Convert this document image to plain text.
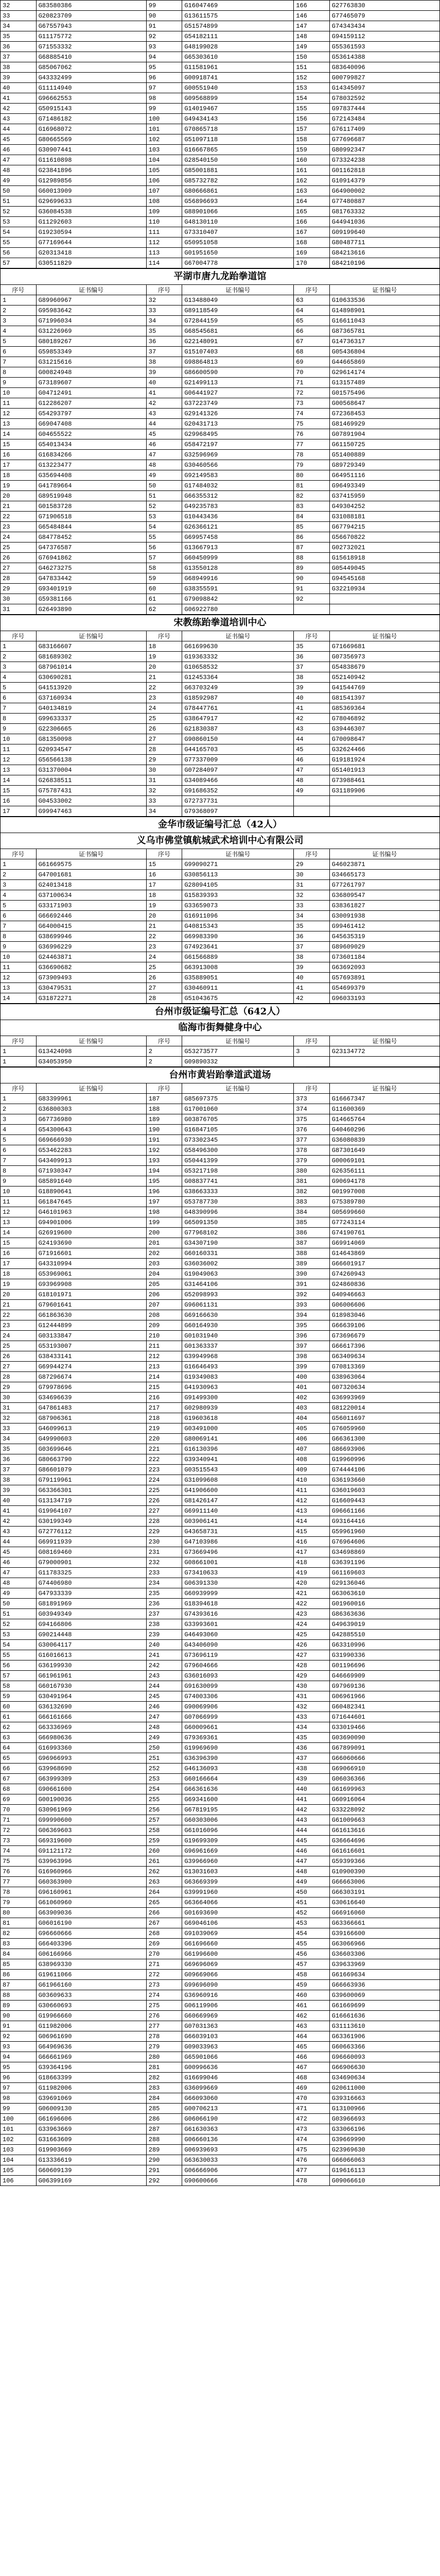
32	G83580386	99	G16047469	166	G27763830
33	G20823709	90	G13611575	146	G77465079
34	G67557943	91	G51574899	147	G74343434
35	G11175772	92	G54182111	148	G94159112
36	G71553332	93	G48199028	149	G55361593
37	G68885410	94	G65303610	150	G53614388
38	G85067062	95	G11581961	151	G83640096
39	G43332499	96	G00918741	152	G00799827
40	G11114940	97	G00551940	153	G14345097
41	G96662553	98	G09568899	154	G78032592
42	G50915143	99	G14019467	155	G97837444
43	G71486182	100	G49434143	156	G72143484
44	G16968072	101	G70865718	157	G76117409
45	G80665569	102	G51097118	158	G77696687
46	G30907441	103	G16667865	159	G80992347
47	G11610898	104	G28540150	160	G73324238
48	G23841896	105	G85001881	161	G01162818
49	G12989856	106	G85732782	162	G10914379
50	G60013909	107	G80666861	163	G64900002
51	G29699633	108	G56896693	164	G77480887
52	G36084538	109	G88901066	165	G81763332
53	G11292603	110	G48130110	166	G44941036
54	G19230594	111	G73310407	167	G09199640
55	G77169644	112	G50951058	168	G80487711
56	G20313418	113	G01951650	169	G84213616
57	G30511829	114	G67004778	170	G84210196
平湖市唐九龙跆拳道馆
序号	证书编号	序号	证书编号	序号	证书编号
1	G89960967	32	G13488049	63	G10633536
2	G95983642	33	G89118549	64	G14898901
3	G71996034	34	G72844159	65	G16611043
4	G31226969	35	G68545681	66	G87365781
5	G80189267	36	G22148091	67	G14736317
6	G59853349	37	G15107403	68	G05436804
7	G31215616	38	G98864813	69	G44665869
8	G00824948	39	G86600590	70	G29614174
9	G73189607	40	G21499113	71	G13157489
10	G04712491	41	G06441927	72	G01575496
11	G12286207	42	G37223749	73	G00568647
12	G54293797	43	G29141326	74	G72368453
13	G69047408	44	G20431713	75	G81469929
14	G04655522	45	G29968495	76	G07891904
15	G54013434	46	G58472197	77	G61150725
16	G16834266	47	G32596969	78	G51400889
17	G13223477	48	G30460566	79	G89729349
18	G35694408	49	G92149583	80	G64951116
19	G41789664	50	G17484032	81	G96493349
20	G89519948	51	G66355312	82	G37415959
21	G01583728	52	G49235783	83	G49304252
22	G71906518	53	G10443436	84	G31088181
23	G65484844	54	G26366121	85	G67794215
24	G84778452	55	G69957458	86	G56670822
25	G47376587	56	G13667913	87	G02732021
26	G76941862	57	G60450999	88	G15618918
27	G46273275	58	G13550128	89	G05449045
28	G47833442	59	G68949916	90	G94545168
29	G93401919	60	G38355591	91	G32210934
30	G59381166	61	G79098842	92	
31	G26493890	62	G06922780		
宋教练跆拳道培训中心
序号	证书编号	序号	证书编号	序号	证书编号
1	G83166607	18	G61699630	35	G71669681
2	G81689302	19	G19363332	36	G07356973
3	G87961014	20	G10658532	37	G54838679
4	G30690281	21	G12453364	38	G52140942
5	G41513920	22	G63703249	39	G41544769
6	G37160934	23	G18592987	40	G81541397
7	G40134819	24	G78447761	41	G85369364
8	G99633337	25	G38647917	42	G78046892
9	G22306665	26	G21830387	43	G39446307
10	G81350098	27	G90860150	44	G70098647
11	G20934547	28	G44165703	45	G32624466
12	G56566138	29	G77337009	46	G19181924
13	G31370004	30	G07284097	47	G51401913
14	G26838511	31	G34089466	48	G73988461
15	G75787431	32	G91686352	49	G31189906
16	G04533002	33	G72737731		
17	G99947463	34	G79368097		
金华市级证编号汇总（42人）
义乌市佛堂镇航城武术培训中心有限公司
序号	证书编号	序号	证书编号	序号	证书编号
1	G61669575	15	G99090271	29	G46023871
2	G47001681	16	G30856113	30	G34665173
3	G24013418	17	G28094105	31	G77261797
4	G37100634	18	G15839393	32	G36809547
5	G33171903	19	G33659073	33	G38361827
6	G66692446	20	G16911096	34	G30091938
7	G64000415	21	G40815343	35	G99461412
8	G38699946	22	G69983390	36	G45635319
9	G36996229	23	G74923641	37	G89609029
10	G24463871	24	G61566889	38	G73601184
11	G36690682	25	G63913008	39	G63692093
12	G73909493	26	G35889051	40	G57693891
13	G30479531	27	G30460911	41	G54699379
14	G31872271	28	G51043675	42	G96033193
台州市级证编号汇总（642人）
临海市街舞健身中心
序号	证书编号	序号	证书编号	序号	证书编号
1	G13424098	2	G53273577	3	G23134772
1	G34053950	2	G09890332		
台州市黄岩跆拳道武道场
序号	证书编号	序号	证书编号	序号	证书编号
1	G83399961	187	G85697375	373	G16667347
2	G36800303	188	G17001060	374	G11600369
3	G67736980	189	G03876705	375	G14665764
4	G54300643	190	G16847105	376	G40460296
5	G69666930	191	G73302345	377	G36080839
6	G53462283	192	G58496300	378	G87301649
7	G43409913	193	G50441399	379	G00069101
8	G71930347	194	G53217198	380	G26356111
9	G85891640	195	G08837741	381	G90694178
10	G18890641	196	G38663333	382	G01997008
11	G61847645	197	G53787730	383	G75389780
12	G46101963	198	G48390996	384	G05699660
13	G94901006	199	G65091350	385	G77243114
14	G26919600	200	G77968102	386	G74190761
15	G24193690	201	G34307190	387	G69914069
16	G71916601	202	G60160331	388	G14643869
17	G43310994	203	G36036002	389	G66601917
18	G53969061	204	G19049063	390	G74260943
19	G93969908	205	G31464106	391	G24860836
20	G18101971	206	G52098993	392	G40946663
21	G79601641	207	G96061131	393	G06006606
22	G61863630	208	G69166630	394	G18983046
23	G12444899	209	G60164930	395	G66639106
24	G03133847	210	G01031940	396	G73696679
25	G53193007	211	G01363337	397	G66617396
26	G38433141	212	G39949968	398	G63409634
27	G69944274	213	G16646493	399	G70813369
28	G87296674	214	G19349083	400	G38963064
29	G79978696	215	G41930963	401	G07320634
30	G34696639	216	G91499300	402	G36993969
31	G47861483	217	G02980939	403	G81220014
32	G87906361	218	G19603618	404	G56011697
33	G46099613	219	G03491000	405	G76059960
34	G49990603	220	G80069141	406	G66361300
35	G03699646	221	G16130396	407	G86693906
36	G80663790	222	G39340941	408	G19960996
37	G86601079	223	G03515543	409	G74444106
38	G79119961	224	G31099608	410	G36193660
39	G63366301	225	G41906600	411	G36019603
40	G13134719	226	G81426147	412	G16609443
41	G19964107	227	G69911140	413	G96661166
42	G30199349	228	G03906141	414	G93164416
43	G72776112	229	G43658731	415	G59961960
44	G69911939	230	G47103986	416	G76964606
45	G08169460	231	G73669496	417	G34698869
46	G79000901	232	G08661001	418	G36391196
47	G11783325	233	G73410633	419	G61169603
48	G74406980	234	G06391330	420	G29136046
49	G47933339	235	G60939999	421	G63063610
50	G81891969	236	G18394618	422	G01960016
51	G03949349	237	G74393616	423	G86363636
52	G94166806	238	G33993601	424	G49639019
53	G90214448	239	G46493060	425	G42885510
54	G30064117	240	G43406090	426	G63310996
55	G16016613	241	G73696119	427	G31990336
56	G36199930	242	G79604666	428	G01196696
57	G61961961	243	G36016093	429	G46669909
58	G60167930	244	G91630099	430	G97969136
59	G30491964	245	G74003306	431	G06961966
60	G36132690	246	G90069906	432	G60482341
61	G66161666	247	G07066999	433	G71644601
62	G63336969	248	G60009661	434	G33019466
63	G66980636	249	G79369361	435	G03690090
64	G16993360	250	G19969690	436	G67899091
65	G96966993	251	G36396390	437	G66060666
66	G39968690	252	G46136093	438	G69066910
67	G63999309	253	G60166664	439	G06036366
68	G90661600	254	G66361636	440	G61699963
69	G00190036	255	G69341600	441	G60916064
70	G30961969	256	G67819195	442	G33228092
71	G99990600	257	G60303006	443	G61009663
72	G06369603	258	G61016096	444	G61613616
73	G69319600	259	G19699309	445	G36664696
74	G91121172	260	G96961669	446	G61616601
75	G39963996	261	G39966960	447	G59399366
76	G16960966	262	G13031603	448	G10900390
77	G60363900	263	G63669399	449	G66663006
78	G96160961	264	G39991960	450	G66303191
79	G61060960	265	G63664066	451	G30616640
80	G63909036	266	G01693690	452	G66916060
81	G06016190	267	G69046106	453	G63366661
82	G96660666	268	G91039069	454	G39166600
83	G66403396	269	G61696660	455	G63066966
84	G06166966	270	G61996600	456	G36603306
85	G38969330	271	G69696069	457	G39633969
86	G19611066	272	G09669066	458	G61669634
87	G61966160	273	G99696090	459	G66663936
88	G03609633	274	G36960916	460	G39600069
89	G30660693	275	G06119906	461	G61669699
90	G19966660	276	G60669969	462	G16661636
91	G11982006	277	G07031363	463	G31113610
92	G06961690	278	G66039103	464	G63361906
93	G64969636	279	G09033963	465	G60663366
94	G66661969	280	G65901066	466	G96660093
95	G39364196	281	G00996636	467	G66906630
96	G18663399	282	G16699046	468	G34690634
97	G11982006	283	G36099669	469	G20611000
98	G39691069	284	G66093060	470	G39316663
99	G06009130	285	G00706213	471	G13100966
100	G61696606	286	G06066190	472	G03966693
101	G33963669	287	G61630363	473	G33066196
102	G31663609	288	G06660136	474	G39669990
103	G19903669	289	G06939693	475	G23969630
104	G13336619	290	G63630033	476	G66066063
105	G60609139	291	G06666906	477	G19616113
106	G06399169	292	G90600666	478	G09066610
